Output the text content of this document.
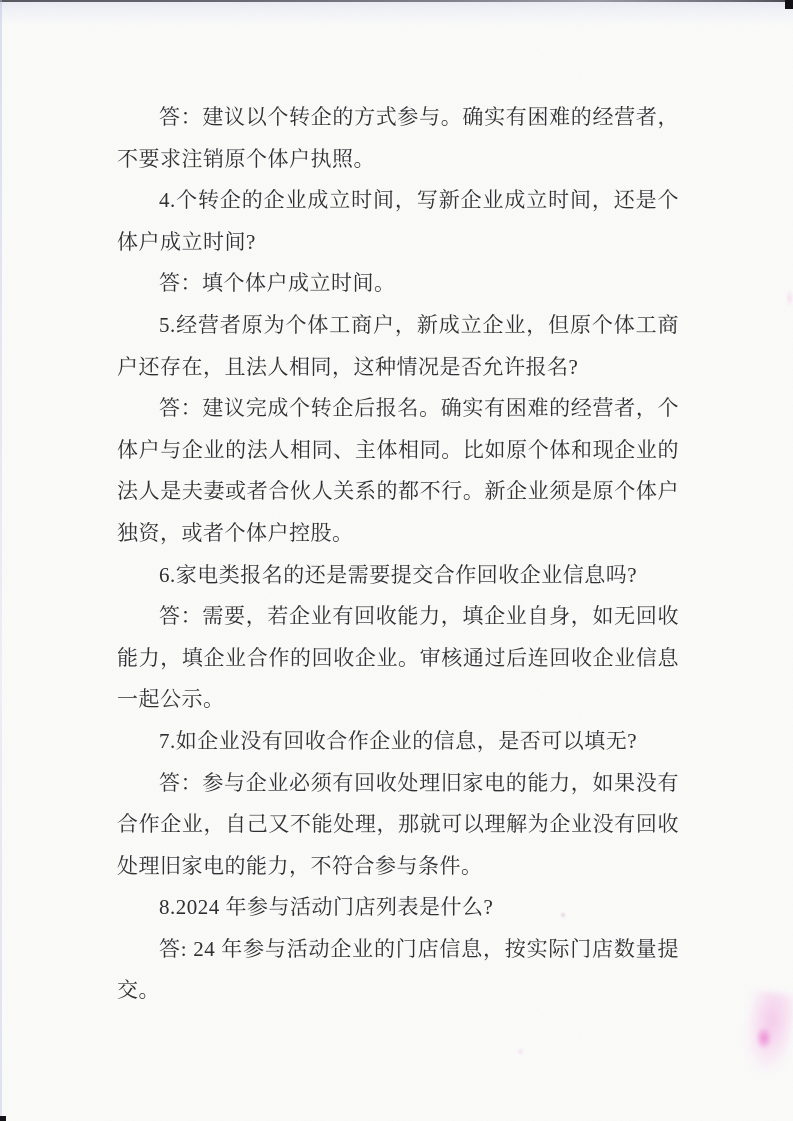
答：建议以个转企的方式参与。确实有困难的经营者，不要求注销原个体户执照。

4.个转企的企业成立时间，写新企业成立时间，还是个体户成立时间?

答：填个体户成立时间。

5.经营者原为个体工商户，新成立企业，但原个体工商户还存在，且法人相同，这种情况是否允许报名?

答：建议完成个转企后报名。确实有困难的经营者，个体户与企业的法人相同、主体相同。比如原个体和现企业的法人是夫妻或者合伙人关系的都不行。新企业须是原个体户独资，或者个体户控股。

6.家电类报名的还是需要提交合作回收企业信息吗?

答：需要，若企业有回收能力，填企业自身，如无回收能力，填企业合作的回收企业。审核通过后连回收企业信息一起公示。

7.如企业没有回收合作企业的信息，是否可以填无?

答：参与企业必须有回收处理旧家电的能力，如果没有合作企业，自己又不能处理，那就可以理解为企业没有回收处理旧家电的能力，不符合参与条件。

8.2024 年参与活动门店列表是什么?

答: 24 年参与活动企业的门店信息，按实际门店数量提交。
